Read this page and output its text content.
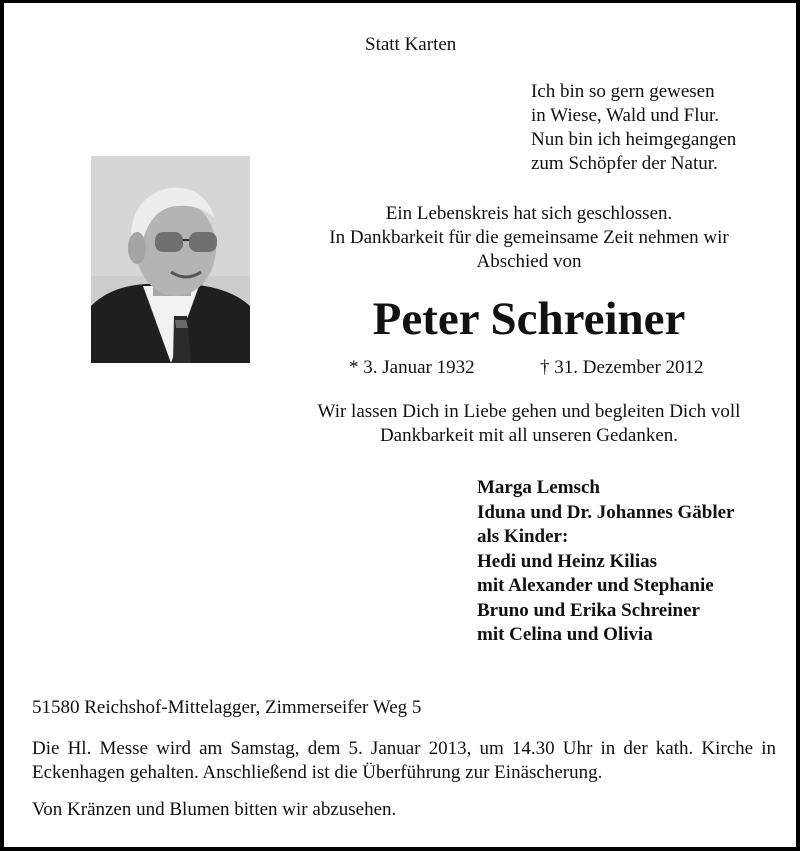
Statt Karten
Ich bin so gern gewesen
in Wiese, Wald und Flur.
Nun bin ich heimgegangen
zum Schöpfer der Natur.
Ein Lebenskreis hat sich geschlossen.
In Dankbarkeit für die gemeinsame Zeit nehmen wir
Abschied von
Peter Schreiner
* 3. Januar 1932	† 31. Dezember 2012
Wir lassen Dich in Liebe gehen und begleiten Dich voll
Dankbarkeit mit all unseren Gedanken.
Marga Lemsch
Iduna und Dr. Johannes Gäbler
als Kinder:
Hedi und Heinz Kilias
mit Alexander und Stephanie
Bruno und Erika Schreiner
mit Celina und Olivia
51580 Reichshof-Mittelagger, Zimmerseifer Weg 5
Die Hl. Messe wird am Samstag, dem 5. Januar 2013, um 14.30 Uhr in der kath. Kirche in Eckenhagen gehalten. Anschließend ist die Überführung zur Einäscherung.
Von Kränzen und Blumen bitten wir abzusehen.
